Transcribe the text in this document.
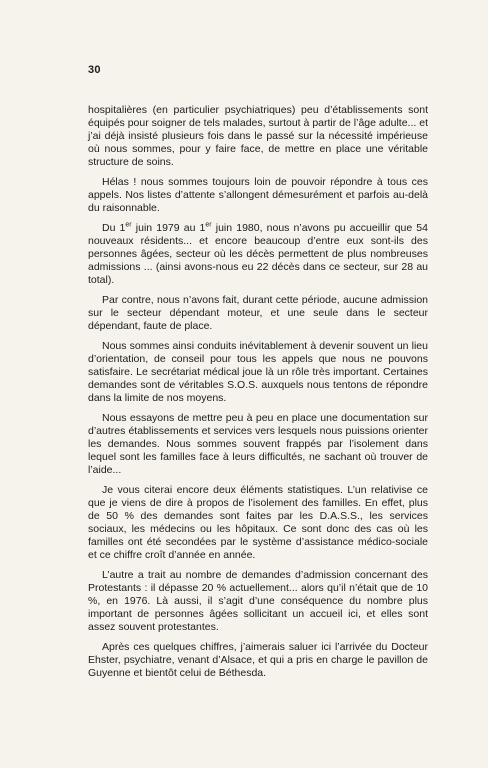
30

hospitalières (en particulier psychiatriques) peu d’établissements sont équipés pour soigner de tels malades, surtout à partir de l’âge adulte... et j’ai déjà insisté plusieurs fois dans le passé sur la nécessité impérieuse où nous sommes, pour y faire face, de mettre en place une véritable structure de soins.

Hélas ! nous sommes toujours loin de pouvoir répondre à tous ces appels. Nos listes d’attente s’allongent démesurément et parfois au-delà du raisonnable.

Du 1er juin 1979 au 1er juin 1980, nous n’avons pu accueillir que 54 nouveaux résidents... et encore beaucoup d’entre eux sont-ils des personnes âgées, secteur où les décès permettent de plus nombreuses admissions ... (ainsi avons-nous eu 22 décès dans ce secteur, sur 28 au total).

Par contre, nous n’avons fait, durant cette période, aucune admission sur le secteur dépendant moteur, et une seule dans le secteur dépendant, faute de place.

Nous sommes ainsi conduits inévitablement à devenir souvent un lieu d’orientation, de conseil pour tous les appels que nous ne pouvons satisfaire. Le secrétariat médical joue là un rôle très important. Certaines demandes sont de véritables S.O.S. auxquels nous tentons de répondre dans la limite de nos moyens.

Nous essayons de mettre peu à peu en place une documentation sur d’autres établissements et services vers lesquels nous puissions orienter les demandes. Nous sommes souvent frappés par l’isolement dans lequel sont les familles face à leurs difficultés, ne sachant où trouver de l’aide...

Je vous citerai encore deux éléments statistiques. L’un relativise ce que je viens de dire à propos de l’isolement des familles. En effet, plus de 50 % des demandes sont faites par les D.A.S.S., les services sociaux, les médecins ou les hôpitaux. Ce sont donc des cas où les familles ont été secondées par le système d’assistance médico-sociale et ce chiffre croît d’année en année.

L’autre a trait au nombre de demandes d’admission concernant des Protestants : il dépasse 20 % actuellement... alors qu’il n’était que de 10 %, en 1976. Là aussi, il s’agit d’une conséquence du nombre plus important de personnes âgées sollicitant un accueil ici, et elles sont assez souvent protestantes.

Après ces quelques chiffres, j’aimerais saluer ici l’arrivée du Docteur Ehster, psychiatre, venant d’Alsace, et qui a pris en charge le pavillon de Guyenne et bientôt celui de Béthesda.
